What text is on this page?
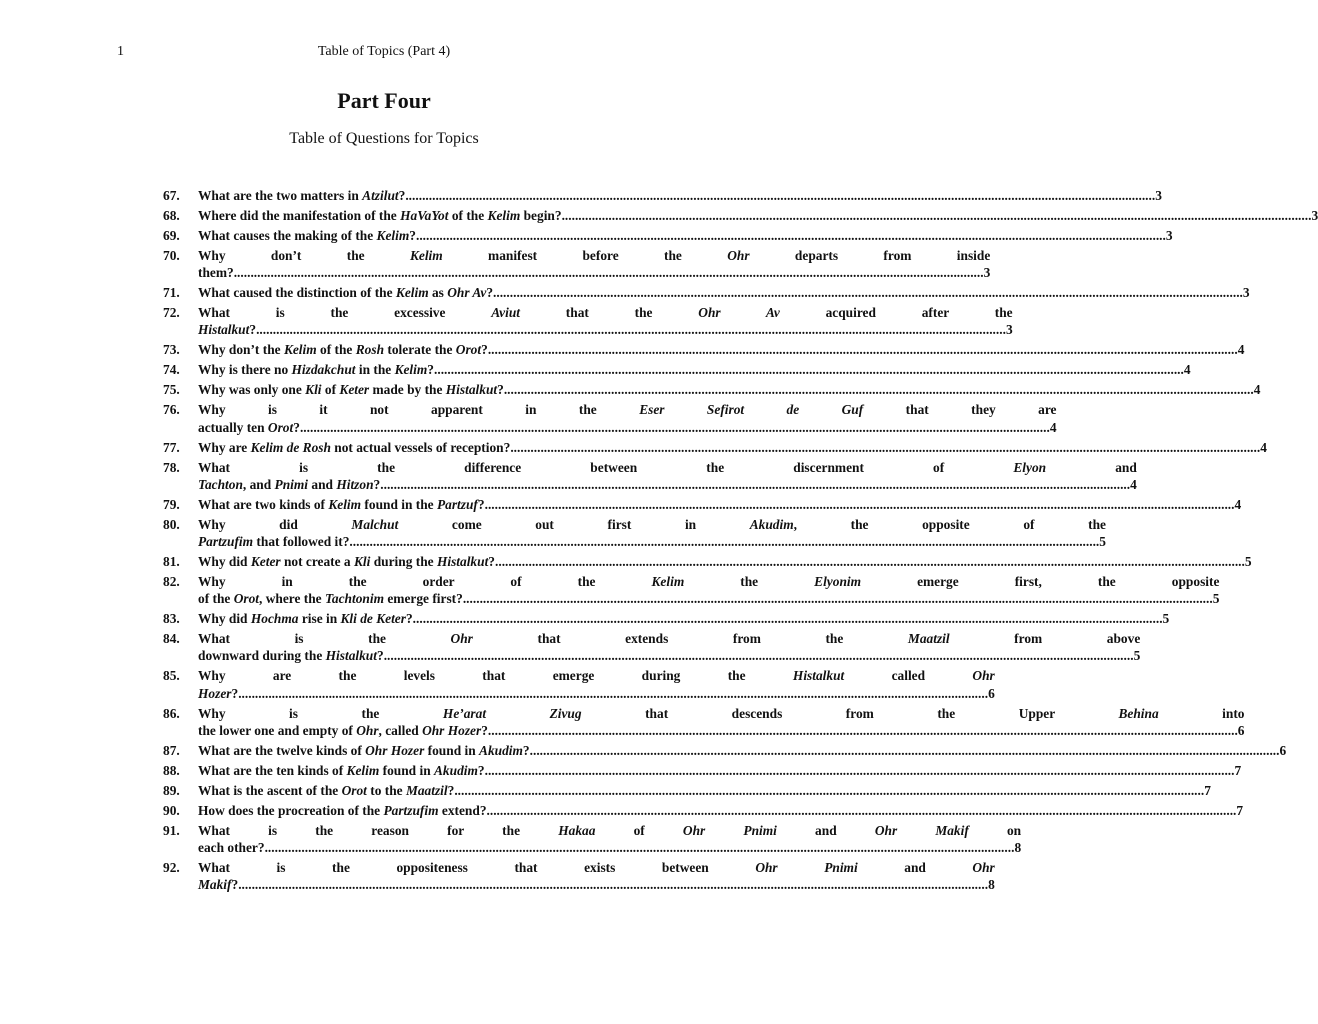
1	Table of Topics (Part 4)
Part Four
Table of Questions for Topics
67.	What are the two matters in Atzilut? .....	3
68.	Where did the manifestation of the HaVaYot of the Kelim begin? .....	3
69.	What causes the making of the Kelim? .....	3
70.	Why don’t the Kelim manifest before the Ohr departs from inside
them? .....	3
71.	What caused the distinction of the Kelim as Ohr Av? .....	3
72.	What is the excessive Aviut that the Ohr Av acquired after the
Histalkut? .....	3
73.	Why don’t the Kelim of the Rosh tolerate the Orot? .....	4
74.	Why is there no Hizdakchut in the Kelim? .....	4
75.	Why was only one Kli of Keter made by the Histalkut? .....	4
76.	Why is it not apparent in the Eser Sefirot de Guf that they are
actually ten Orot? .....	4
77.	Why are Kelim de Rosh not actual vessels of reception? .....	4
78.	What is the difference between the discernment of Elyon and
Tachton, and Pnimi and Hitzon? .....	4
79.	What are two kinds of Kelim found in the Partzuf? .....	4
80.	Why did Malchut come out first in Akudim, the opposite of the
Partzufim that followed it? .....	5
81.	Why did Keter not create a Kli during the Histalkut? .....	5
82.	Why in the order of the Kelim the Elyonim emerge first, the opposite
of the Orot, where the Tachtonim emerge first? .....	5
83.	Why did Hochma rise in Kli de Keter? .....	5
84.	What is the Ohr that extends from the Maatzil from above
downward during the Histalkut? .....	5
85.	Why are the levels that emerge during the Histalkut called Ohr
Hozer? .....	6
86.	Why is the He’arat Zivug that descends from the Upper Behina into
the lower one and empty of Ohr, called Ohr Hozer? .....	6
87.	What are the twelve kinds of Ohr Hozer found in Akudim? .....	6
88.	What are the ten kinds of Kelim found in Akudim? .....	7
89.	What is the ascent of the Orot to the Maatzil? .....	7
90.	How does the procreation of the Partzufim extend? .....	7
91.	What is the reason for the Hakaa of Ohr Pnimi and Ohr Makif on
each other? .....	8
92.	What is the oppositeness that exists between Ohr Pnimi and Ohr
Makif? .....	8
